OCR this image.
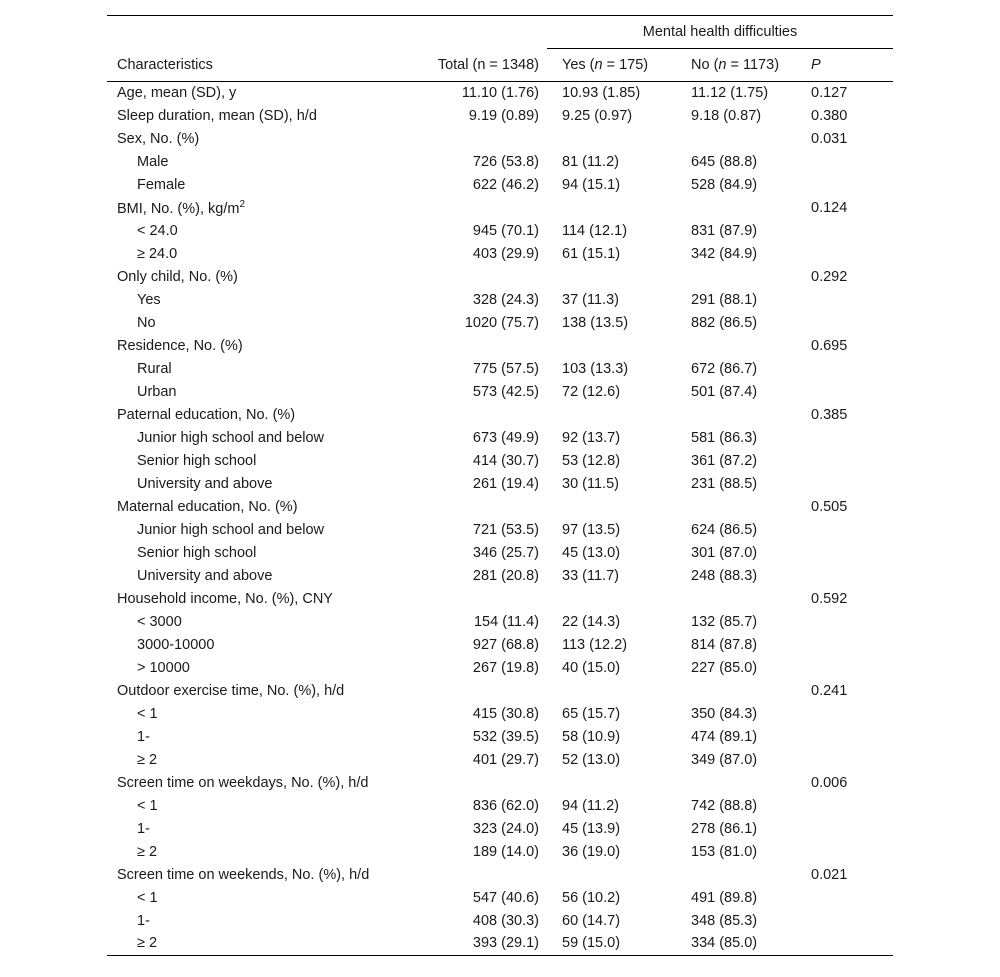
		Mental health difficulties		
Characteristics	Total (n = 1348)	Yes (n = 175)	No (n = 1173)	P
Age, mean (SD), y	11.10 (1.76)	10.93 (1.85)	11.12 (1.75)	0.127
Sleep duration, mean (SD), h/d	9.19 (0.89)	9.25 (0.97)	9.18 (0.87)	0.380
Sex, No. (%)				0.031
Male	726 (53.8)	81 (11.2)	645 (88.8)	
Female	622 (46.2)	94 (15.1)	528 (84.9)	
BMI, No. (%), $kg/m^2$				0.124
< 24.0	945 (70.1)	114 (12.1)	831 (87.9)	
≥ 24.0	403 (29.9)	61 (15.1)	342 (84.9)	
Only child, No. (%)				0.292
Yes	328 (24.3)	37 (11.3)	291 (88.1)	
No	1020 (75.7)	138 (13.5)	882 (86.5)	
Residence, No. (%)				0.695
Rural	775 (57.5)	103 (13.3)	672 (86.7)	
Urban	573 (42.5)	72 (12.6)	501 (87.4)	
Paternal education, No. (%)				0.385
Junior high school and below	673 (49.9)	92 (13.7)	581 (86.3)	
Senior high school	414 (30.7)	53 (12.8)	361 (87.2)	
University and above	261 (19.4)	30 (11.5)	231 (88.5)	
Maternal education, No. (%)				0.505
Junior high school and below	721 (53.5)	97 (13.5)	624 (86.5)	
Senior high school	346 (25.7)	45 (13.0)	301 (87.0)	
University and above	281 (20.8)	33 (11.7)	248 (88.3)	
Household income, No. (%), CNY				0.592
< 3000	154 (11.4)	22 (14.3)	132 (85.7)	
3000-10000	927 (68.8)	113 (12.2)	814 (87.8)	
> 10000	267 (19.8)	40 (15.0)	227 (85.0)	
Outdoor exercise time, No. (%), h/d				0.241
< 1	415 (30.8)	65 (15.7)	350 (84.3)	
1-	532 (39.5)	58 (10.9)	474 (89.1)	
≥ 2	401 (29.7)	52 (13.0)	349 (87.0)	
Screen time on weekdays, No. (%), h/d				0.006
< 1	836 (62.0)	94 (11.2)	742 (88.8)	
1-	323 (24.0)	45 (13.9)	278 (86.1)	
≥ 2	189 (14.0)	36 (19.0)	153 (81.0)	
Screen time on weekends, No. (%), h/d				0.021
< 1	547 (40.6)	56 (10.2)	491 (89.8)	
1-	408 (30.3)	60 (14.7)	348 (85.3)	
≥ 2	393 (29.1)	59 (15.0)	334 (85.0)	
